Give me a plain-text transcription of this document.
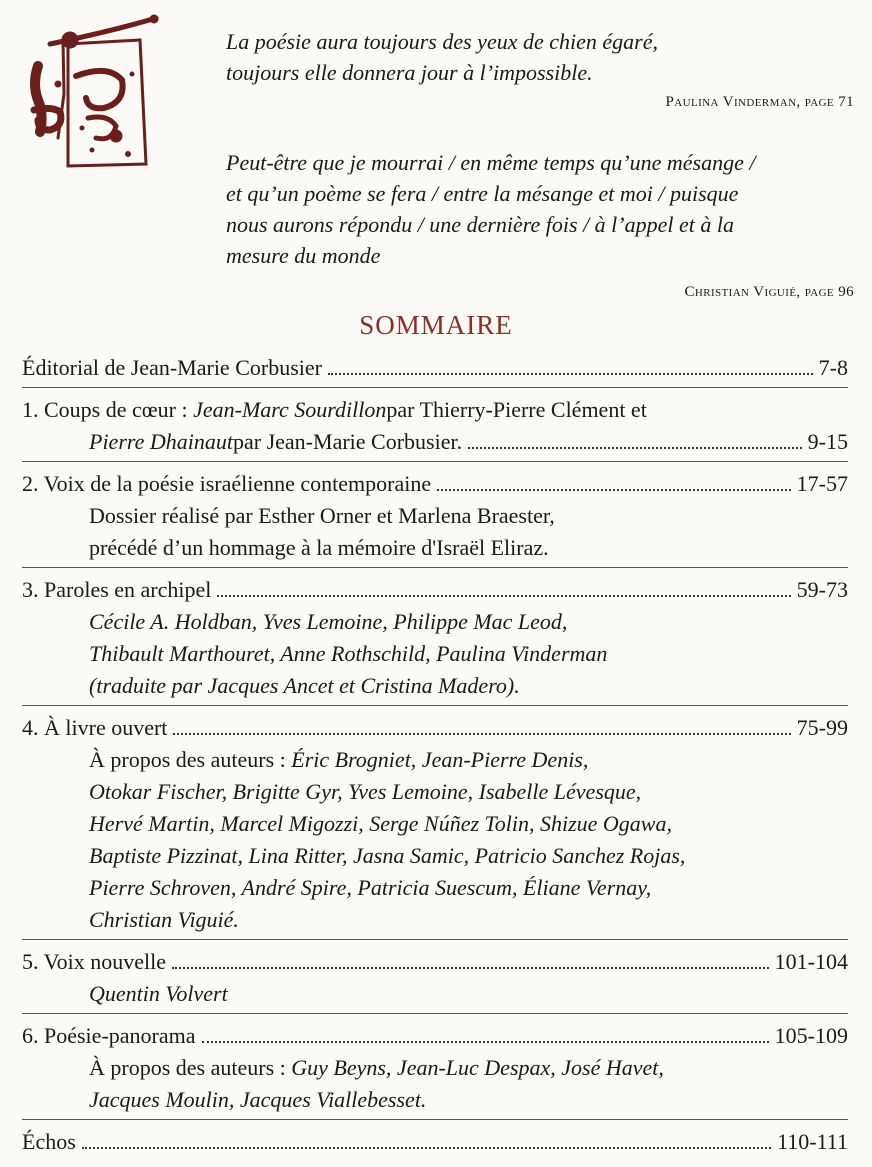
La poésie aura toujours des yeux de chien égaré,
toujours elle donnera jour à l’impossible.
Paulina Vinderman, page 71
Peut-être que je mourrai / en même temps qu’une mésange /
et qu’un poème se fera / entre la mésange et moi / puisque
nous aurons répondu / une dernière fois / à l’appel et à la
mesure du monde
Christian Viguié, page 96
SOMMAIRE
Éditorial de Jean-Marie Corbusier	7-8
1. Coups de cœur :
Jean-Marc Sourdillon par Thierry-Pierre Clément et
Pierre Dhainaut par Jean-Marie Corbusier.	9-15
2. Voix de la poésie israélienne contemporaine	17-57
Dossier réalisé par Esther Orner et Marlena Braester,
précédé d’un hommage à la mémoire d'Israël Eliraz.
3. Paroles en archipel	59-73
Cécile A. Holdban, Yves Lemoine, Philippe Mac Leod,
Thibault Marthouret, Anne Rothschild, Paulina Vinderman
(traduite par Jacques Ancet et Cristina Madero).
4. À livre ouvert	75-99
À propos des auteurs : Éric Brogniet, Jean-Pierre Denis,
Otokar Fischer, Brigitte Gyr, Yves Lemoine, Isabelle Lévesque,
Hervé Martin, Marcel Migozzi, Serge Núñez Tolin, Shizue Ogawa,
Baptiste Pizzinat, Lina Ritter, Jasna Samic, Patricio Sanchez Rojas,
Pierre Schroven, André Spire, Patricia Suescum, Éliane Vernay,
Christian Viguié.
5. Voix nouvelle	101-104
Quentin Volvert
6. Poésie-panorama	105-109
À propos des auteurs : Guy Beyns, Jean-Luc Despax, José Havet,
Jacques Moulin, Jacques Viallebesset.
Échos	110-111
